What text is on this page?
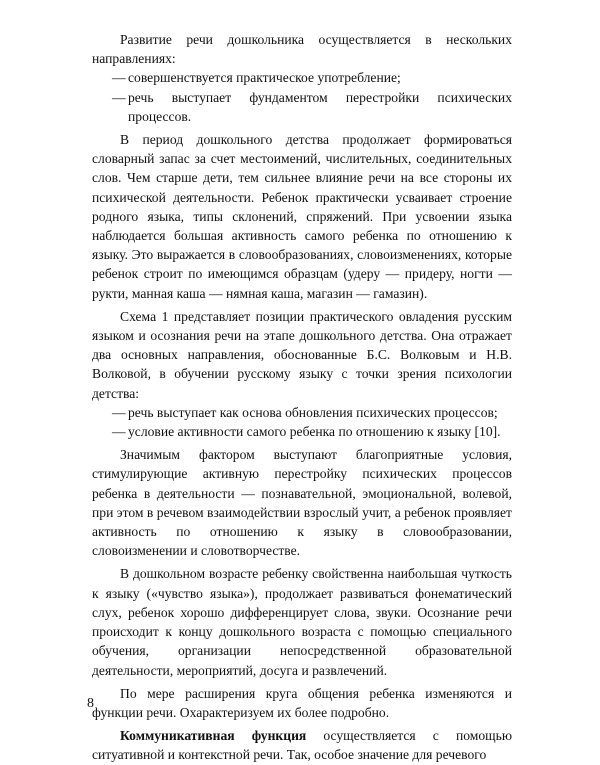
Развитие речи дошкольника осуществляется в нескольких направлениях:

— совершенствуется практическое употребление;

— речь выступает фундаментом перестройки психических процессов.

В период дошкольного детства продолжает формироваться словарный запас за счет местоимений, числительных, соединительных слов. Чем старше дети, тем сильнее влияние речи на все стороны их психической деятельности. Ребенок практически усваивает строение родного языка, типы склонений, спряжений. При усвоении языка наблюдается большая активность самого ребенка по отношению к языку. Это выражается в словообразованиях, словоизменениях, которые ребенок строит по имеющимся образцам (удеру — придеру, ногти — рукти, манная каша — нямная каша, магазин — гамазин).

Схема 1 представляет позиции практического овладения русским языком и осознания речи на этапе дошкольного детства. Она отражает два основных направления, обоснованные Б.С. Волковым и Н.В. Волковой, в обучении русскому языку с точки зрения психологии детства:

— речь выступает как основа обновления психических процессов;

— условие активности самого ребенка по отношению к языку [10].

Значимым фактором выступают благоприятные условия, стимулирующие активную перестройку психических процессов ребенка в деятельности — познавательной, эмоциональной, волевой, при этом в речевом взаимодействии взрослый учит, а ребенок проявляет активность по отношению к языку в словообразовании, словоизменении и словотворчестве.

В дошкольном возрасте ребенку свойственна наибольшая чуткость к языку («чувство языка»), продолжает развиваться фонематический слух, ребенок хорошо дифференцирует слова, звуки. Осознание речи происходит к концу дошкольного возраста с помощью специального обучения, организации непосредственной образовательной деятельности, мероприятий, досуга и развлечений.

По мере расширения круга общения ребенка изменяются и функции речи. Охарактеризуем их более подробно.

Коммуникативная функция осуществляется с помощью ситуативной и контекстной речи. Так, особое значение для речевого

8
